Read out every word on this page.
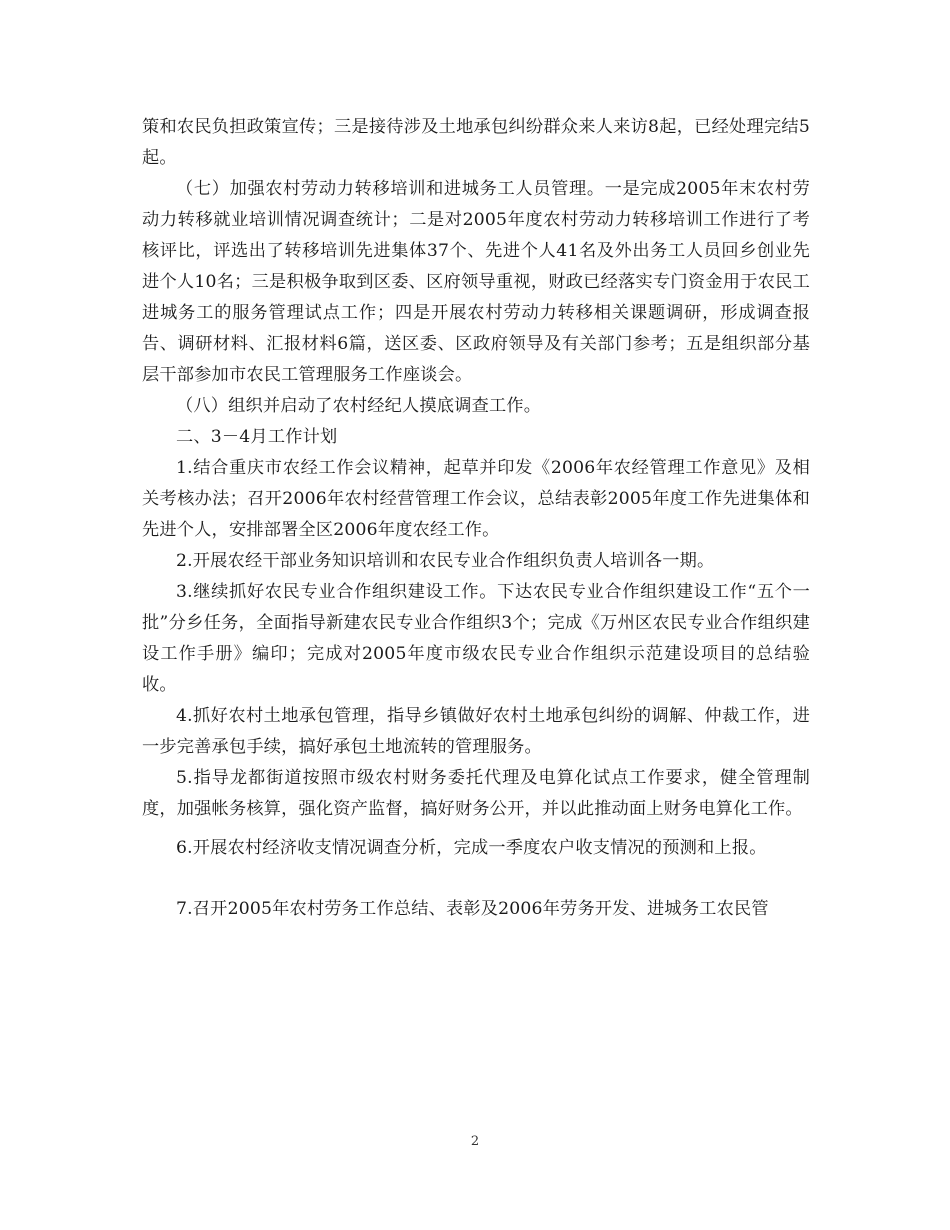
策和农民负担政策宣传；三是接待涉及土地承包纠纷群众来人来访8起，已经处理完结5起。

（七）加强农村劳动力转移培训和进城务工人员管理。一是完成2005年末农村劳动力转移就业培训情况调查统计；二是对2005年度农村劳动力转移培训工作进行了考核评比，评选出了转移培训先进集体37个、先进个人41名及外出务工人员回乡创业先进个人10名；三是积极争取到区委、区府领导重视，财政已经落实专门资金用于农民工进城务工的服务管理试点工作；四是开展农村劳动力转移相关课题调研，形成调查报告、调研材料、汇报材料6篇，送区委、区政府领导及有关部门参考；五是组织部分基层干部参加市农民工管理服务工作座谈会。

（八）组织并启动了农村经纪人摸底调查工作。

二、3－4月工作计划

1.结合重庆市农经工作会议精神，起草并印发《2006年农经管理工作意见》及相关考核办法；召开2006年农村经营管理工作会议，总结表彰2005年度工作先进集体和先进个人，安排部署全区2006年度农经工作。

2.开展农经干部业务知识培训和农民专业合作组织负责人培训各一期。

3.继续抓好农民专业合作组织建设工作。下达农民专业合作组织建设工作“五个一批”分乡任务，全面指导新建农民专业合作组织3个；完成《万州区农民专业合作组织建设工作手册》编印；完成对2005年度市级农民专业合作组织示范建设项目的总结验收。

4.抓好农村土地承包管理，指导乡镇做好农村土地承包纠纷的调解、仲裁工作，进一步完善承包手续，搞好承包土地流转的管理服务。

5.指导龙都街道按照市级农村财务委托代理及电算化试点工作要求，健全管理制度，加强帐务核算，强化资产监督，搞好财务公开，并以此推动面上财务电算化工作。

6.开展农村经济收支情况调查分析，完成一季度农户收支情况的预测和上报。

7.召开2005年农村劳务工作总结、表彰及2006年劳务开发、进城务工农民管

2
